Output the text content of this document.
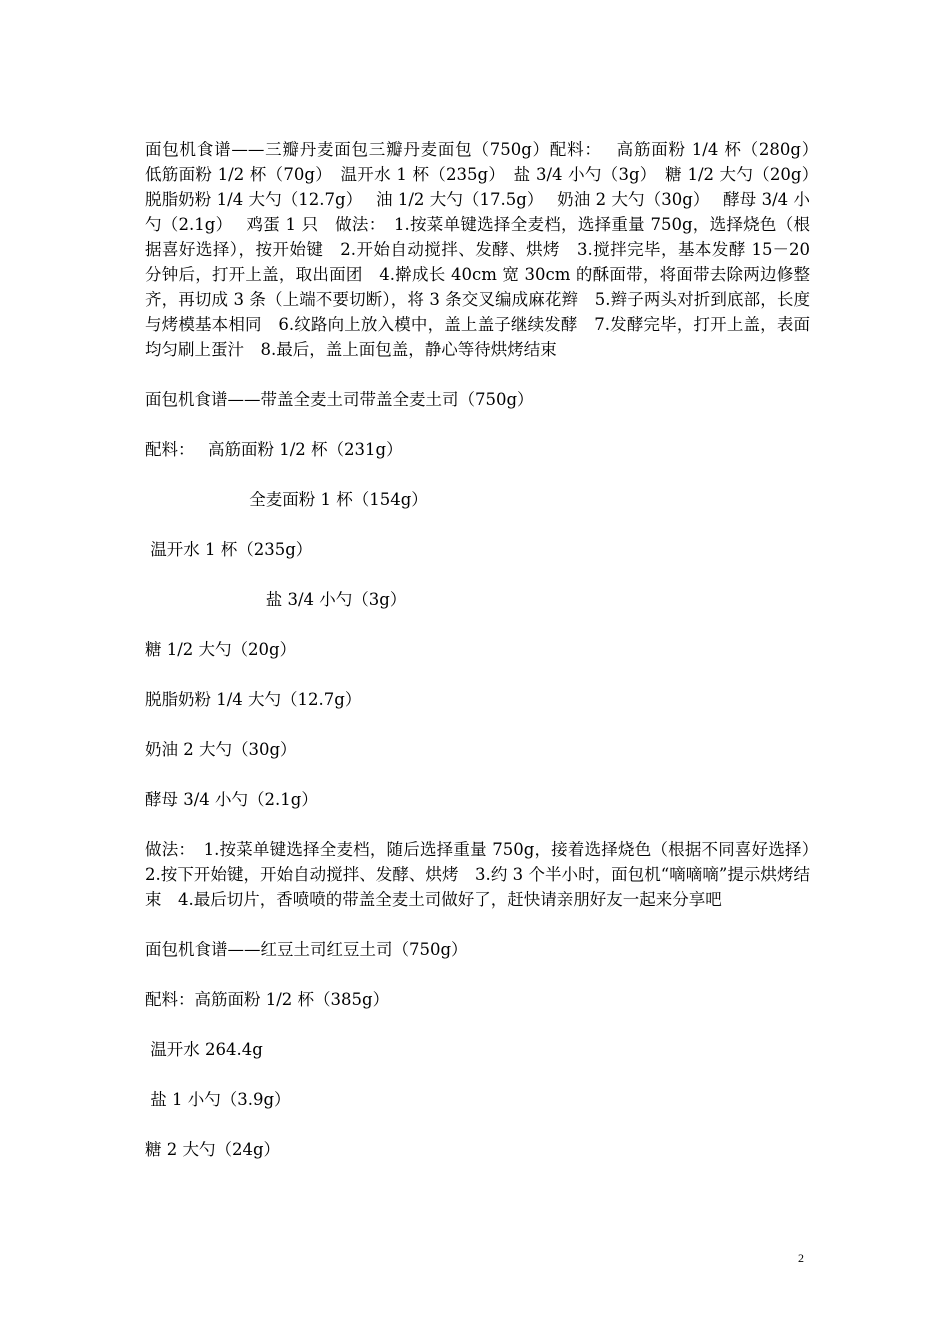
面包机食谱——三瓣丹麦面包三瓣丹麦面包（750g）配料：　 高筋面粉 1/4 杯（280g）　低筋面粉 1/2 杯（70g）　温开水 1 杯（235g）　盐 3/4 小勺（3g）　糖 1/2 大勺（20g）　 脱脂奶粉 1/4 大勺（12.7g）　 油 1/2 大勺（17.5g）　 奶油 2 大勺（30g）　 酵母 3/4 小勺（2.1g）　 鸡蛋 1 只　做法：　1.按菜单键选择全麦档，选择重量 750g，选择烧色（根据喜好选择），按开始键　2.开始自动搅拌、发酵、烘烤　3.搅拌完毕，基本发酵 15－20 分钟后，打开上盖，取出面团　4.擀成长 40cm 宽 30cm 的酥面带，将面带去除两边修整齐，再切成 3 条（上端不要切断），将 3 条交叉编成麻花辫　5.辫子两头对折到底部，长度与烤模基本相同　6.纹路向上放入模中，盖上盖子继续发酵　7.发酵完毕，打开上盖，表面均匀刷上蛋汁　8.最后，盖上面包盖，静心等待烘烤结束

面包机食谱——带盖全麦土司带盖全麦土司（750g）

配料：　 高筋面粉 1/2 杯（231g）

　　　　　　 全麦面粉 1 杯（154g）

温开水 1 杯（235g）

　　　　　　　 盐 3/4 小勺（3g）

糖 1/2 大勺（20g）

脱脂奶粉 1/4 大勺（12.7g）

奶油 2 大勺（30g）

酵母 3/4 小勺（2.1g）

做法：　1.按菜单键选择全麦档，随后选择重量 750g，接着选择烧色（根据不同喜好选择）　2.按下开始键，开始自动搅拌、发酵、烘烤　3.约 3 个半小时，面包机“嘀嘀嘀”提示烘烤结束　4.最后切片，香喷喷的带盖全麦土司做好了，赶快请亲朋好友一起来分享吧

面包机食谱——红豆土司红豆土司（750g）

配料：高筋面粉 1/2 杯（385g）

温开水 264.4g

盐 1 小勺（3.9g）

糖 2 大勺（24g）

2
